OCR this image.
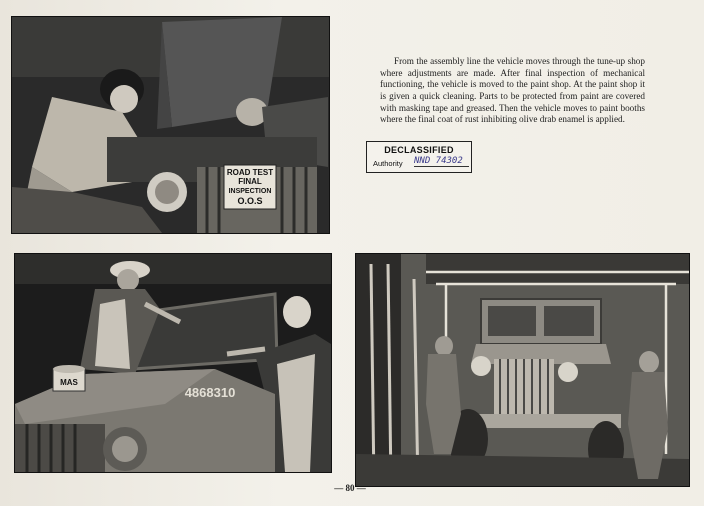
ROAD TEST
FINAL
INSPECTION
O.O.S

From the assembly line the vehicle moves through the tune-up shop where adjustments are made. After final inspection of mechanical functioning, the vehicle is moved to the paint shop. At the paint shop it is given a quick cleaning. Parts to be protected from paint are covered with masking tape and greased. Then the vehicle moves to paint booths where the final coat of rust inhibiting olive drab enamel is applied.

DECLASSIFIED
Authority NND 74302
MAS
4868310
— 80 —
